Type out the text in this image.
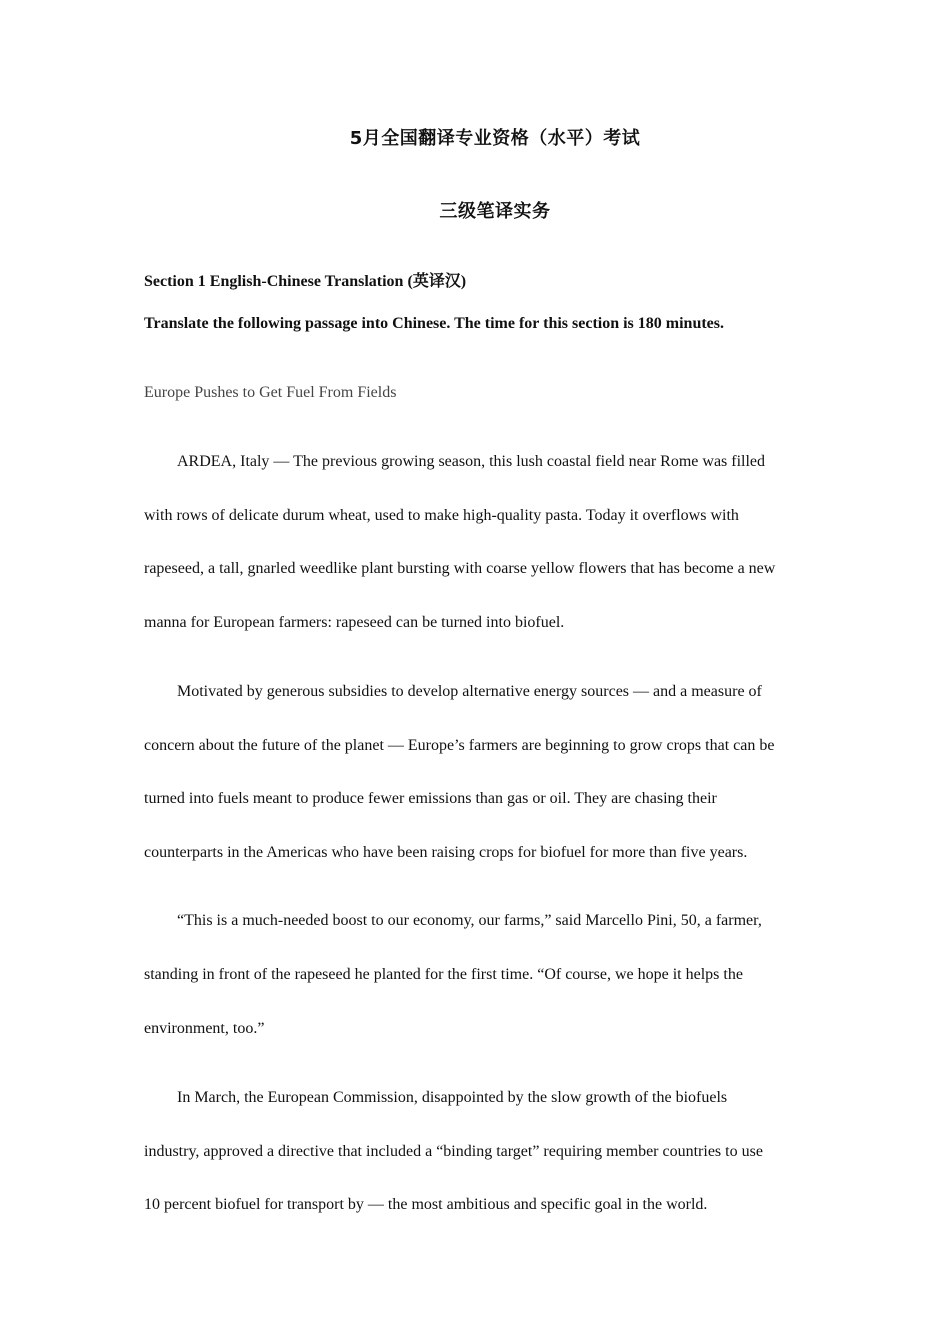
5月全国翻译专业资格（水平）考试
三级笔译实务
Section 1 English-Chinese Translation (英译汉)
Translate the following passage into Chinese. The time for this section is 180 minutes.
Europe Pushes to Get Fuel From Fields
ARDEA, Italy — The previous growing season, this lush coastal field near Rome was filled
with rows of delicate durum wheat, used to make high-quality pasta. Today it overflows with
rapeseed, a tall, gnarled weedlike plant bursting with coarse yellow flowers that has become a new
manna for European farmers: rapeseed can be turned into biofuel.
Motivated by generous subsidies to develop alternative energy sources — and a measure of
concern about the future of the planet — Europe’s farmers are beginning to grow crops that can be
turned into fuels meant to produce fewer emissions than gas or oil. They are chasing their
counterparts in the Americas who have been raising crops for biofuel for more than five years.
“This is a much-needed boost to our economy, our farms,” said Marcello Pini, 50, a farmer,
standing in front of the rapeseed he planted for the first time. “Of course, we hope it helps the
environment, too.”
In March, the European Commission, disappointed by the slow growth of the biofuels
industry, approved a directive that included a “binding target” requiring member countries to use
10 percent biofuel for transport by — the most ambitious and specific goal in the world.
